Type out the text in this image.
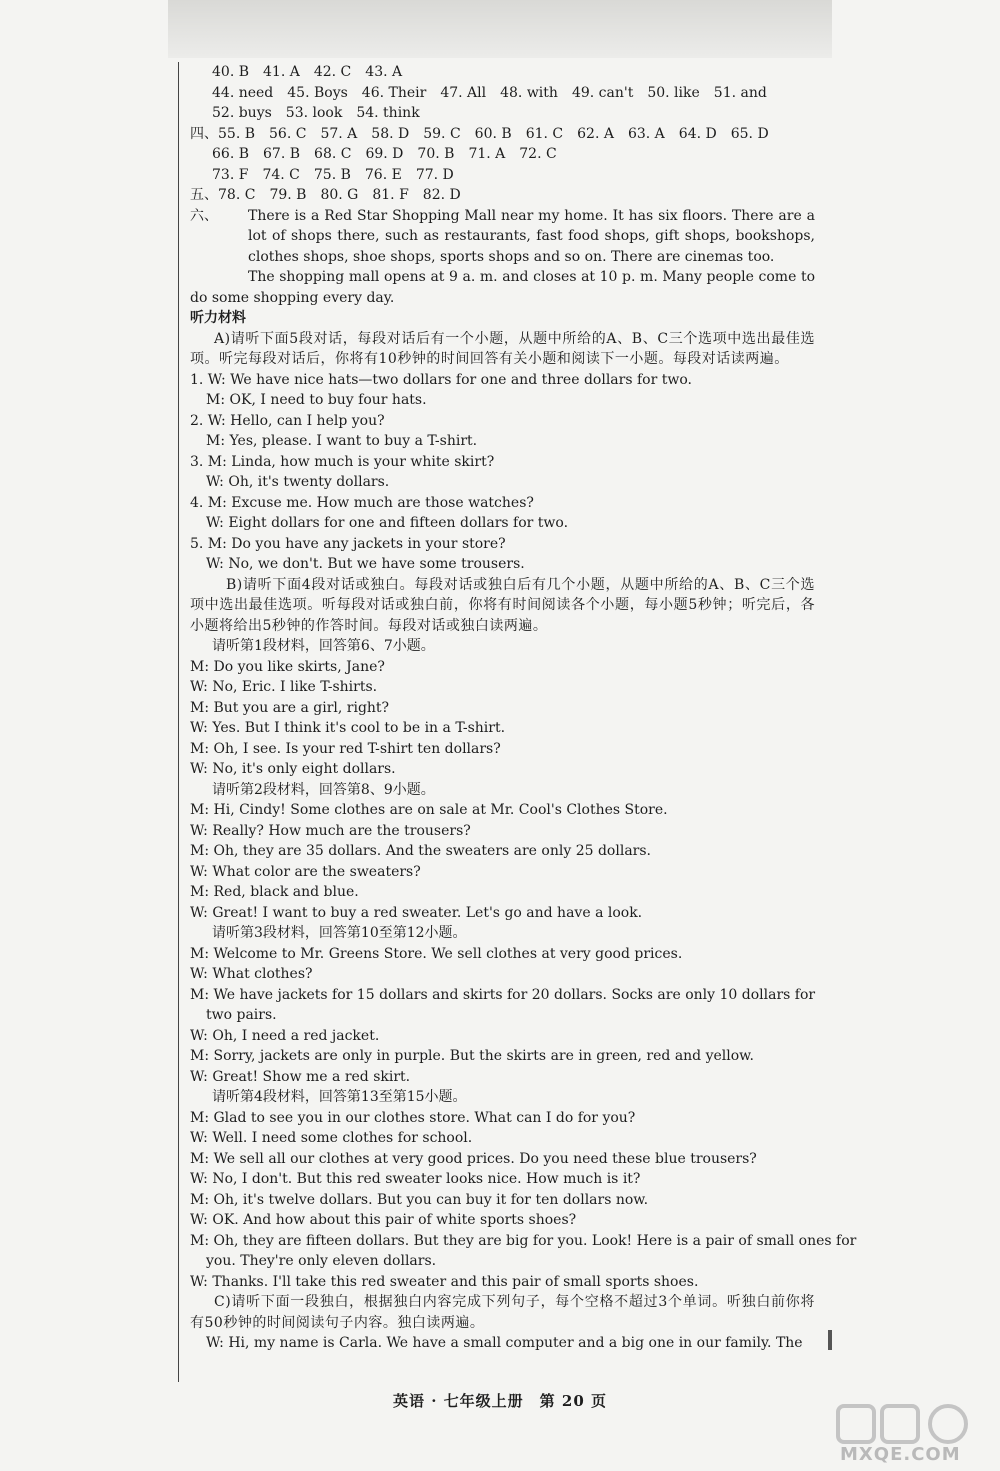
40. B 41. A 42. C 43. A
44. need 45. Boys 46. Their 47. All 48. with 49. can't 50. like 51. and
52. buys 53. look 54. think
四、 55. B 56. C 57. A 58. D 59. C 60. B 61. C 62. A 63. A 64. D 65. D
66. B 67. B 68. C 69. D 70. B 71. A 72. C
73. F 74. C 75. B 76. E 77. D
五、 78. C 79. B 80. G 81. F 82. D
六、	There is a Red Star Shopping Mall near my home. It has six floors. There are a lot of shops there, such as restaurants, fast food shops, gift shops, bookshops, clothes shops, shoe shops, sports shops and so on. There are cinemas too.
The shopping mall opens at 9 a. m. and closes at 10 p. m. Many people come to do some shopping every day.
听力材料
A)请听下面5段对话，每段对话后有一个小题，从题中所给的A、B、C三个选项中选出最佳选项。听完每段对话后，你将有10秒钟的时间回答有关小题和阅读下一小题。每段对话读两遍。
1. W: We have nice hats—two dollars for one and three dollars for two.
M: OK, I need to buy four hats.
2. W: Hello, can I help you?
M: Yes, please. I want to buy a T-shirt.
3. M: Linda, how much is your white skirt?
W: Oh, it's twenty dollars.
4. M: Excuse me. How much are those watches?
W: Eight dollars for one and fifteen dollars for two.
5. M: Do you have any jackets in your store?
W: No, we don't. But we have some trousers.
B)请听下面4段对话或独白。每段对话或独白后有几个小题，从题中所给的A、B、C三个选项中选出最佳选项。听每段对话或独白前，你将有时间阅读各个小题，每小题5秒钟；听完后，各小题将给出5秒钟的作答时间。每段对话或独白读两遍。
请听第1段材料，回答第6、7小题。
M: Do you like skirts, Jane?
W: No, Eric. I like T-shirts.
M: But you are a girl, right?
W: Yes. But I think it's cool to be in a T-shirt.
M: Oh, I see. Is your red T-shirt ten dollars?
W: No, it's only eight dollars.
请听第2段材料，回答第8、9小题。
M: Hi, Cindy! Some clothes are on sale at Mr. Cool's Clothes Store.
W: Really? How much are the trousers?
M: Oh, they are 35 dollars. And the sweaters are only 25 dollars.
W: What color are the sweaters?
M: Red, black and blue.
W: Great! I want to buy a red sweater. Let's go and have a look.
请听第3段材料，回答第10至第12小题。
M: Welcome to Mr. Greens Store. We sell clothes at very good prices.
W: What clothes?
M: We have jackets for 15 dollars and skirts for 20 dollars. Socks are only 10 dollars for
two pairs.
W: Oh, I need a red jacket.
M: Sorry, jackets are only in purple. But the skirts are in green, red and yellow.
W: Great! Show me a red skirt.
请听第4段材料，回答第13至第15小题。
M: Glad to see you in our clothes store. What can I do for you?
W: Well. I need some clothes for school.
M: We sell all our clothes at very good prices. Do you need these blue trousers?
W: No, I don't. But this red sweater looks nice. How much is it?
M: Oh, it's twelve dollars. But you can buy it for ten dollars now.
W: OK. And how about this pair of white sports shoes?
M: Oh, they are fifteen dollars. But they are big for you. Look! Here is a pair of small ones for
you. They're only eleven dollars.
W: Thanks. I'll take this red sweater and this pair of small sports shoes.
C)请听下面一段独白，根据独白内容完成下列句子，每个空格不超过3个单词。听独白前你将有50秒钟的时间阅读句子内容。独白读两遍。
W: Hi, my name is Carla. We have a small computer and a big one in our family. The
英语 · 七年级上册　第 20 页
MXQE.COM
